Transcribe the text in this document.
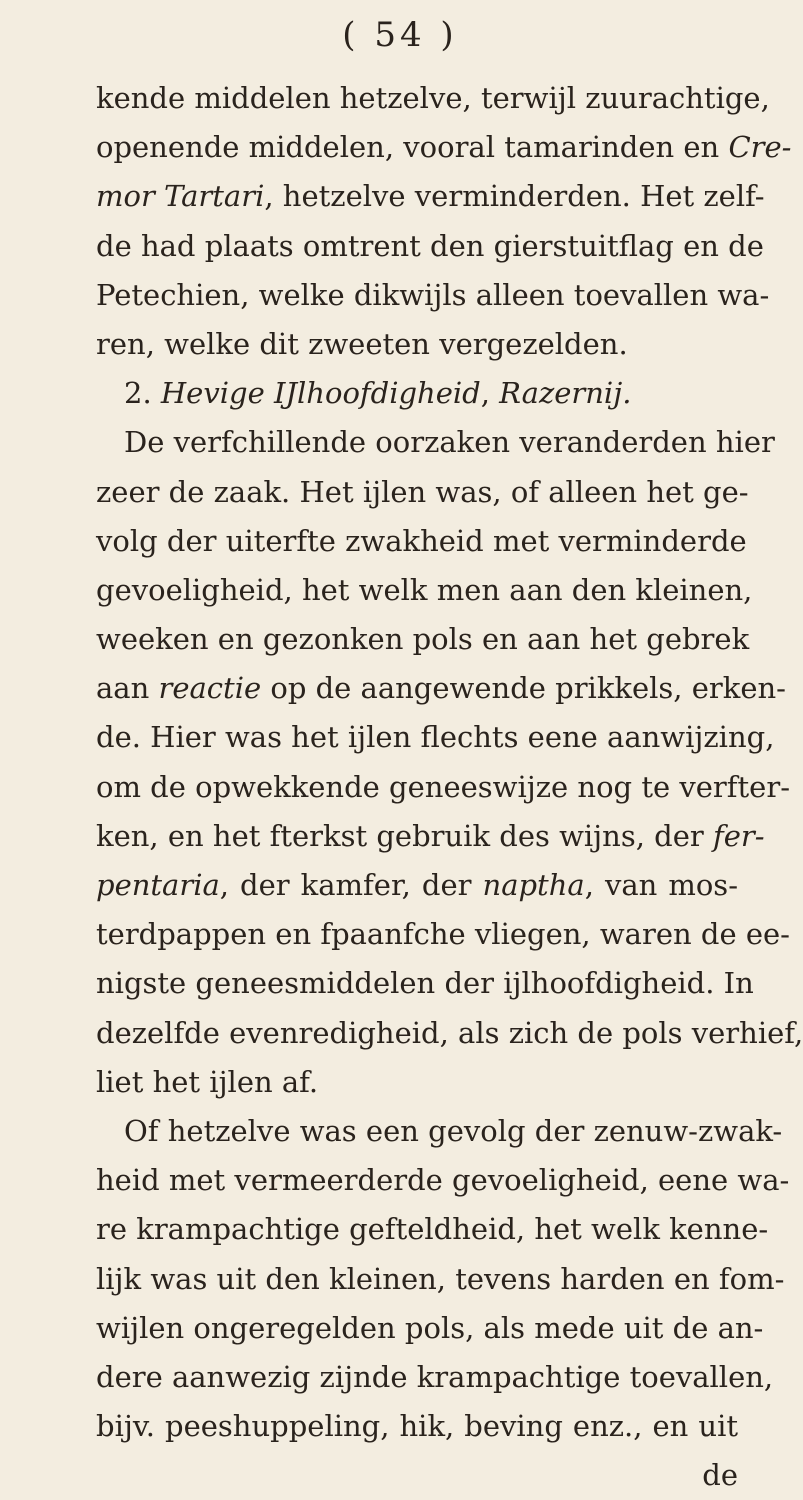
( 54 )
kende middelen hetzelve, terwijl zuurachtige,
openende middelen, vooral tamarinden en Cre-
mor Tartari, hetzelve verminderden. Het zelf-
de had plaats omtrent den gierstuitflag en de
Petechien, welke dikwijls alleen toevallen wa-
ren, welke dit zweeten vergezelden.
2. Hevige IJlhoofdigheid, Razernij.
De verfchillende oorzaken veranderden hier
zeer de zaak. Het ijlen was, of alleen het ge-
volg der uiterfte zwakheid met verminderde
gevoeligheid, het welk men aan den kleinen,
weeken en gezonken pols en aan het gebrek
aan reactie op de aangewende prikkels, erken-
de. Hier was het ijlen flechts eene aanwijzing,
om de opwekkende geneeswijze nog te verfter-
ken, en het fterkst gebruik des wijns, der fer-
pentaria, der kamfer, der naptha, van mos-
terdpappen en fpaanfche vliegen, waren de ee-
nigste geneesmiddelen der ijlhoofdigheid. In
dezelfde evenredigheid, als zich de pols verhief,
liet het ijlen af.
Of hetzelve was een gevolg der zenuw-zwak-
heid met vermeerderde gevoeligheid, eene wa-
re krampachtige gefteldheid, het welk kenne-
lijk was uit den kleinen, tevens harden en fom-
wijlen ongeregelden pols, als mede uit de an-
dere aanwezig zijnde krampachtige toevallen,
bijv. peeshuppeling, hik, beving enz., en uit
de
